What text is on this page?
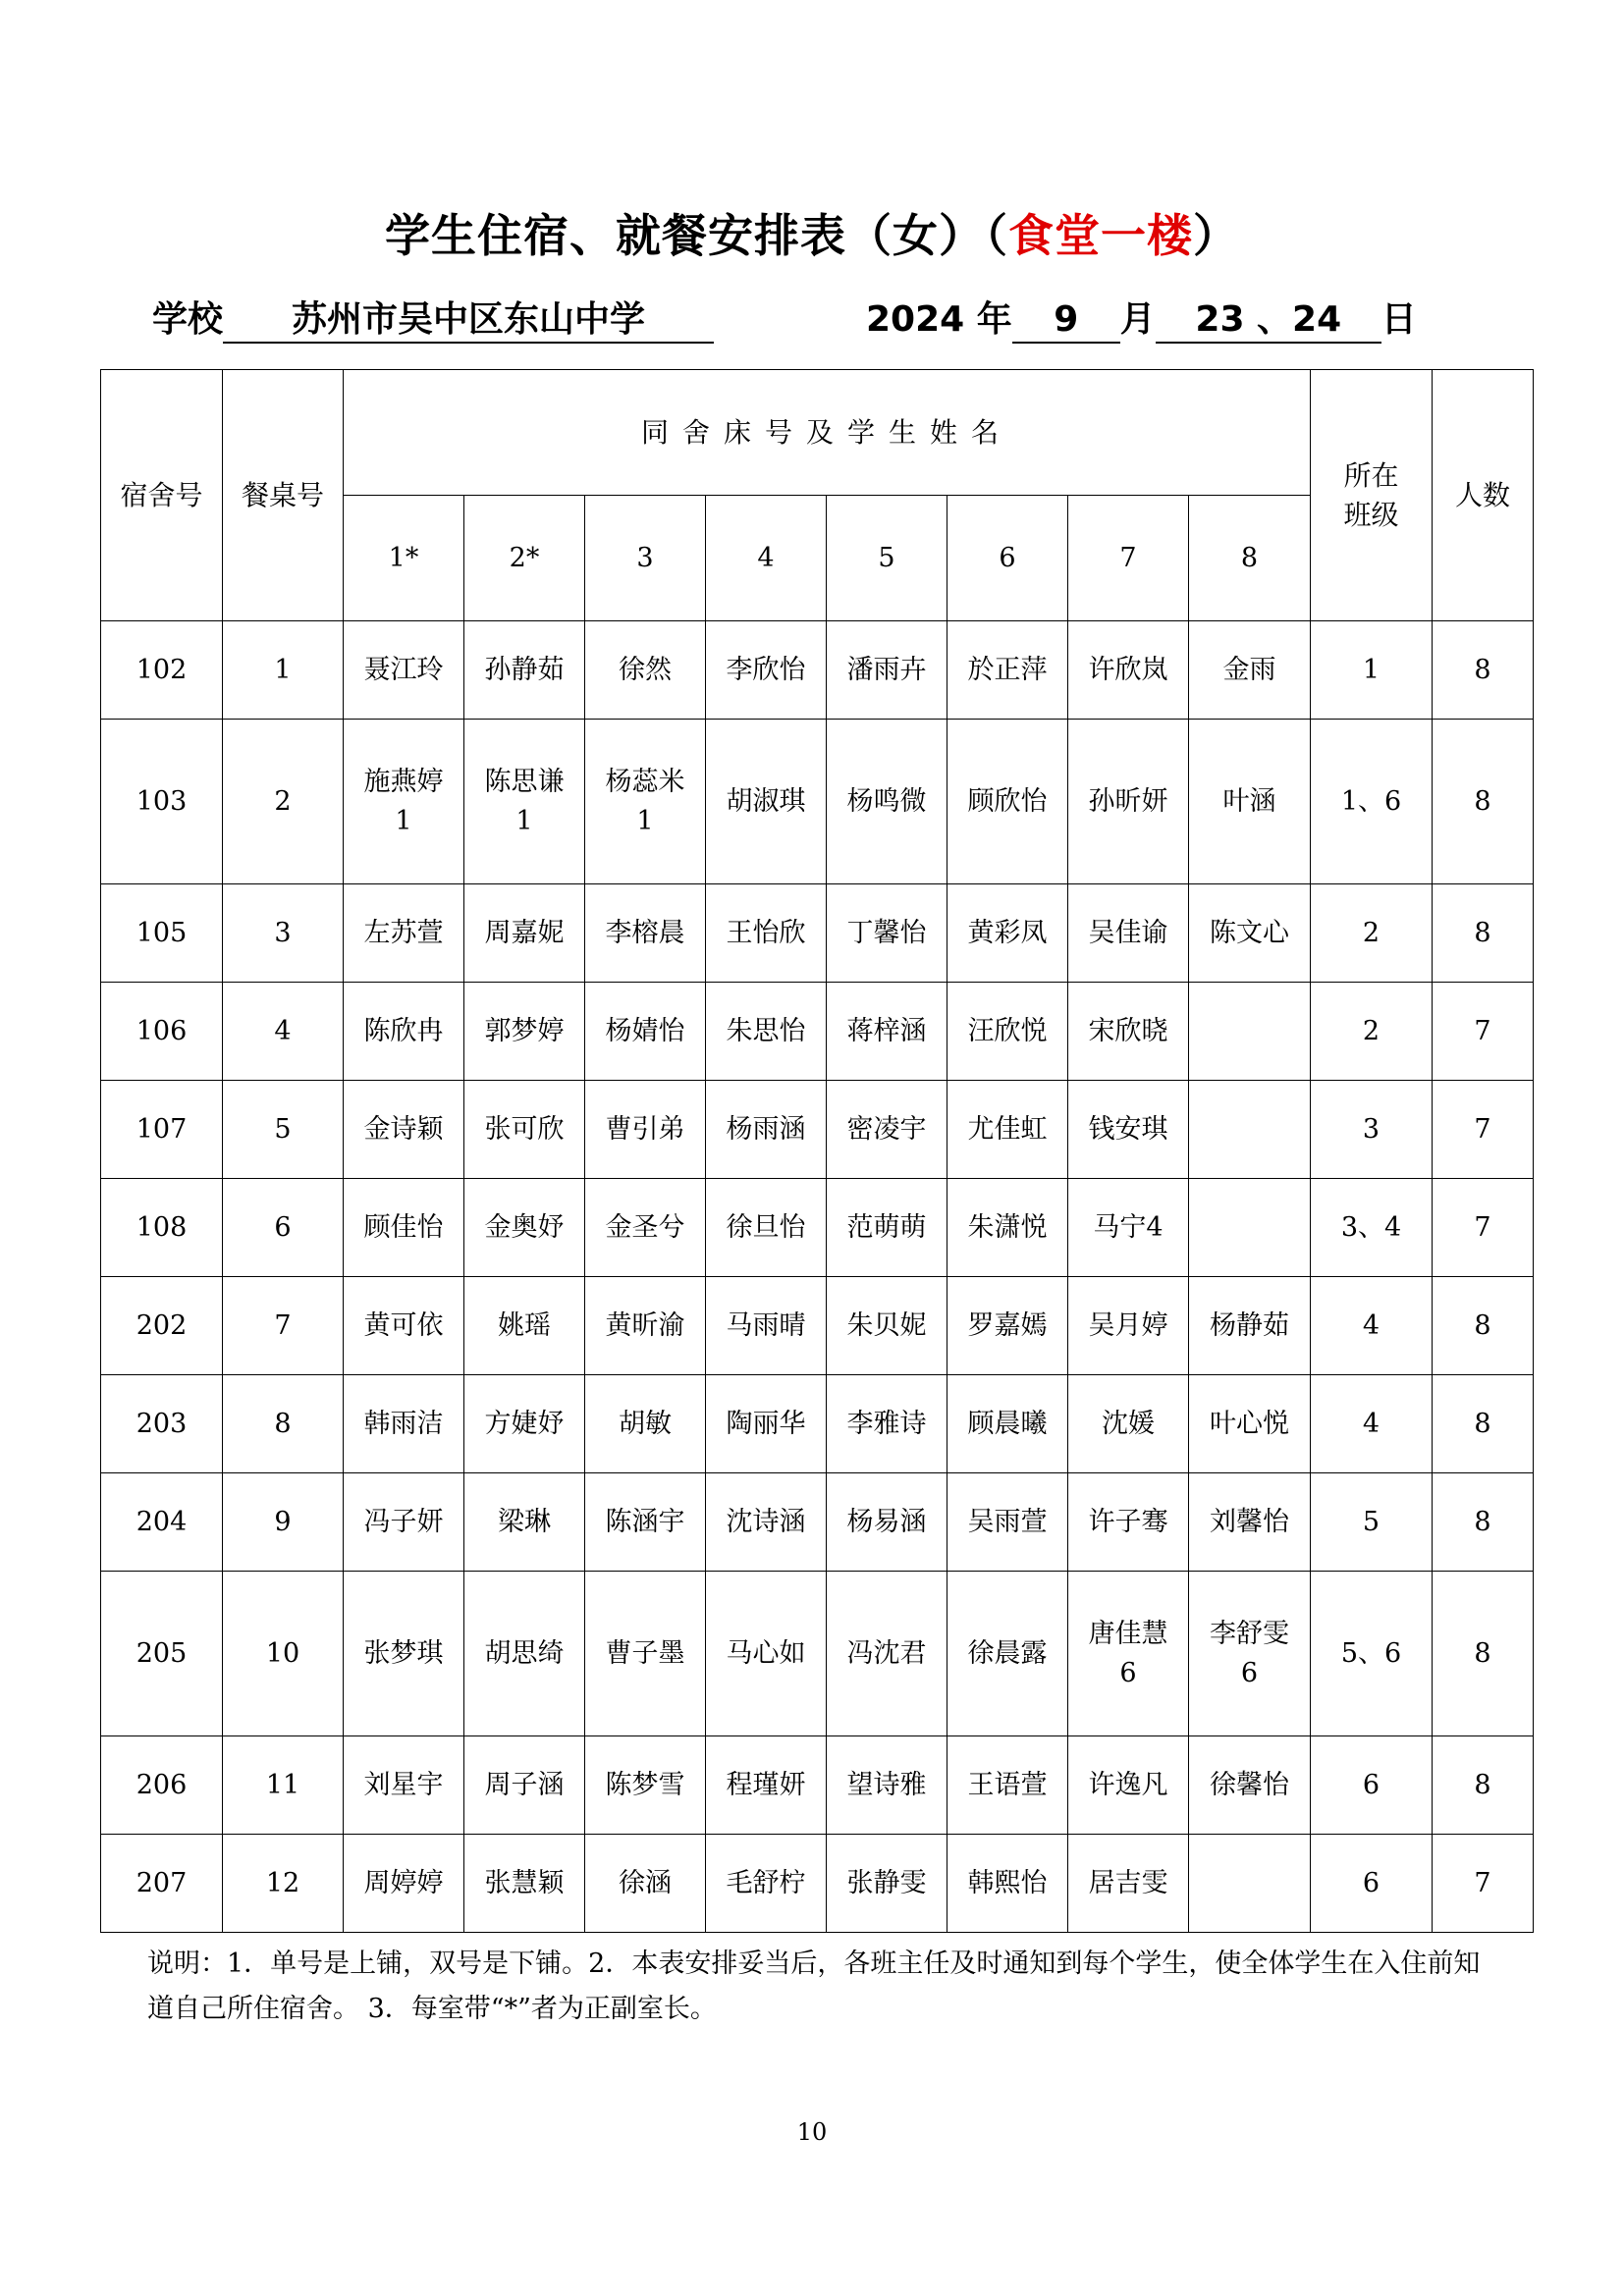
学生住宿、就餐安排表（女）（食堂一楼）
学校 苏州市吴中区东山中学	2024 年 9 月 23 、24 日
宿舍号	餐桌号	同舍床号及学生姓名								所在班级	人数
		1*	2*	3	4	5	6	7	8		
102	1	聂江玲	孙静茹	徐然	李欣怡	潘雨卉	於正萍	许欣岚	金雨	1	8
103	2	施燕婷1	陈思谦1	杨蕊米1	胡淑琪	杨鸣微	顾欣怡	孙昕妍	叶涵	1、6	8
105	3	左苏萱	周嘉妮	李榕晨	王怡欣	丁馨怡	黄彩凤	吴佳谕	陈文心	2	8
106	4	陈欣冉	郭梦婷	杨婧怡	朱思怡	蒋梓涵	汪欣悦	宋欣晓		2	7
107	5	金诗颖	张可欣	曹引弟	杨雨涵	密凌宇	尤佳虹	钱安琪		3	7
108	6	顾佳怡	金奥妤	金圣兮	徐旦怡	范萌萌	朱潇悦	马宁4		3、4	7
202	7	黄可依	姚瑶	黄昕渝	马雨晴	朱贝妮	罗嘉嫣	吴月婷	杨静茹	4	8
203	8	韩雨洁	方婕妤	胡敏	陶丽华	李雅诗	顾晨曦	沈媛	叶心悦	4	8
204	9	冯子妍	梁琳	陈涵宇	沈诗涵	杨易涵	吴雨萱	许子骞	刘馨怡	5	8
205	10	张梦琪	胡思绮	曹子墨	马心如	冯沈君	徐晨露	唐佳慧6	李舒雯6	5、6	8
206	11	刘星宇	周子涵	陈梦雪	程瑾妍	望诗雅	王语萱	许逸凡	徐馨怡	6	8
207	12	周婷婷	张慧颖	徐涵	毛舒柠	张静雯	韩熙怡	居吉雯		6	7
说明：1．单号是上铺，双号是下铺。2．本表安排妥当后，各班主任及时通知到每个学生，使全体学生在入住前知道自己所住宿舍。 3．每室带“*”者为正副室长。
10
